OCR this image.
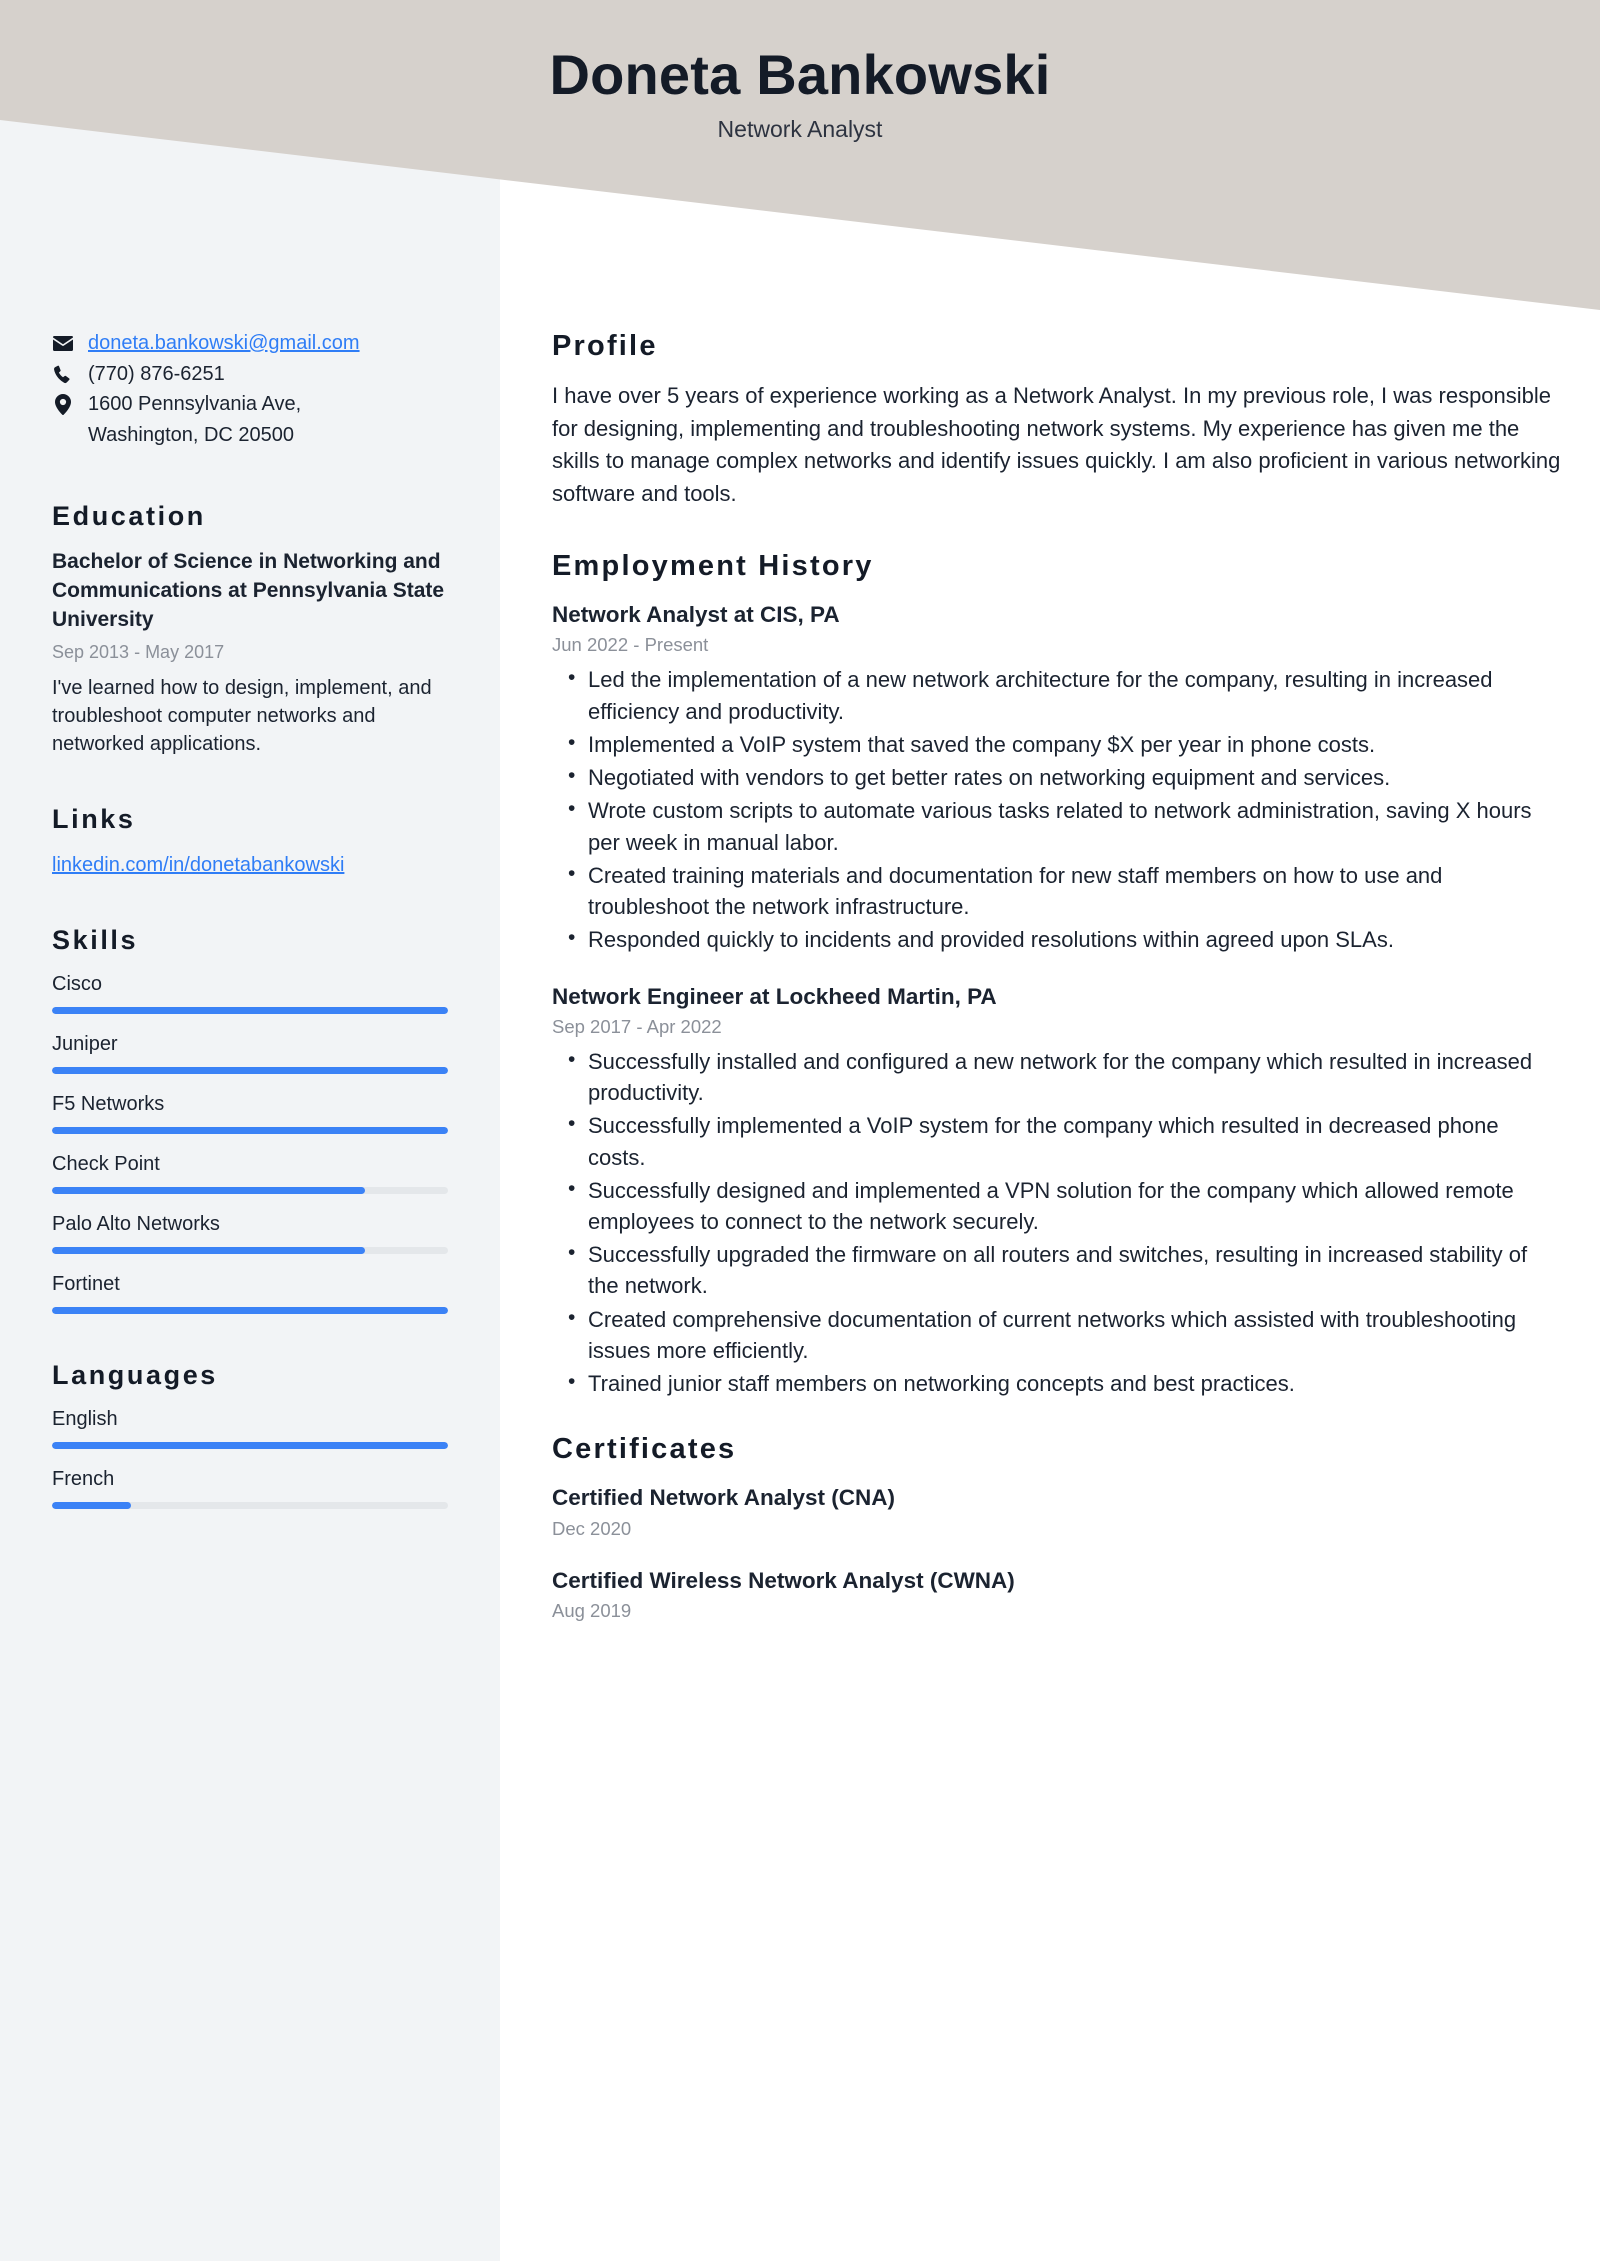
Doneta Bankowski
Network Analyst
doneta.bankowski@gmail.com
(770) 876-6251
1600 Pennsylvania Ave,
Washington, DC 20500
Education
Bachelor of Science in Networking and Communications at Pennsylvania State University
Sep 2013 - May 2017
I've learned how to design, implement, and troubleshoot computer networks and networked applications.
Links
linkedin.com/in/donetabankowski
Skills
Cisco
Juniper
F5 Networks
Check Point
Palo Alto Networks
Fortinet
Languages
English
French
Profile

I have over 5 years of experience working as a Network Analyst. In my previous role, I was responsible for designing, implementing and troubleshooting network systems. My experience has given me the skills to manage complex networks and identify issues quickly. I am also proficient in various networking software and tools.

Employment History
Network Analyst at CIS, PA
Jun 2022 - Present
• Led the implementation of a new network architecture for the company, resulting in increased efficiency and productivity.
• Implemented a VoIP system that saved the company $X per year in phone costs.
• Negotiated with vendors to get better rates on networking equipment and services.
• Wrote custom scripts to automate various tasks related to network administration, saving X hours per week in manual labor.
• Created training materials and documentation for new staff members on how to use and troubleshoot the network infrastructure.
• Responded quickly to incidents and provided resolutions within agreed upon SLAs.
Network Engineer at Lockheed Martin, PA
Sep 2017 - Apr 2022
• Successfully installed and configured a new network for the company which resulted in increased productivity.
• Successfully implemented a VoIP system for the company which resulted in decreased phone costs.
• Successfully designed and implemented a VPN solution for the company which allowed remote employees to connect to the network securely.
• Successfully upgraded the firmware on all routers and switches, resulting in increased stability of the network.
• Created comprehensive documentation of current networks which assisted with troubleshooting issues more efficiently.
• Trained junior staff members on networking concepts and best practices.
Certificates
Certified Network Analyst (CNA)
Dec 2020
Certified Wireless Network Analyst (CWNA)
Aug 2019
